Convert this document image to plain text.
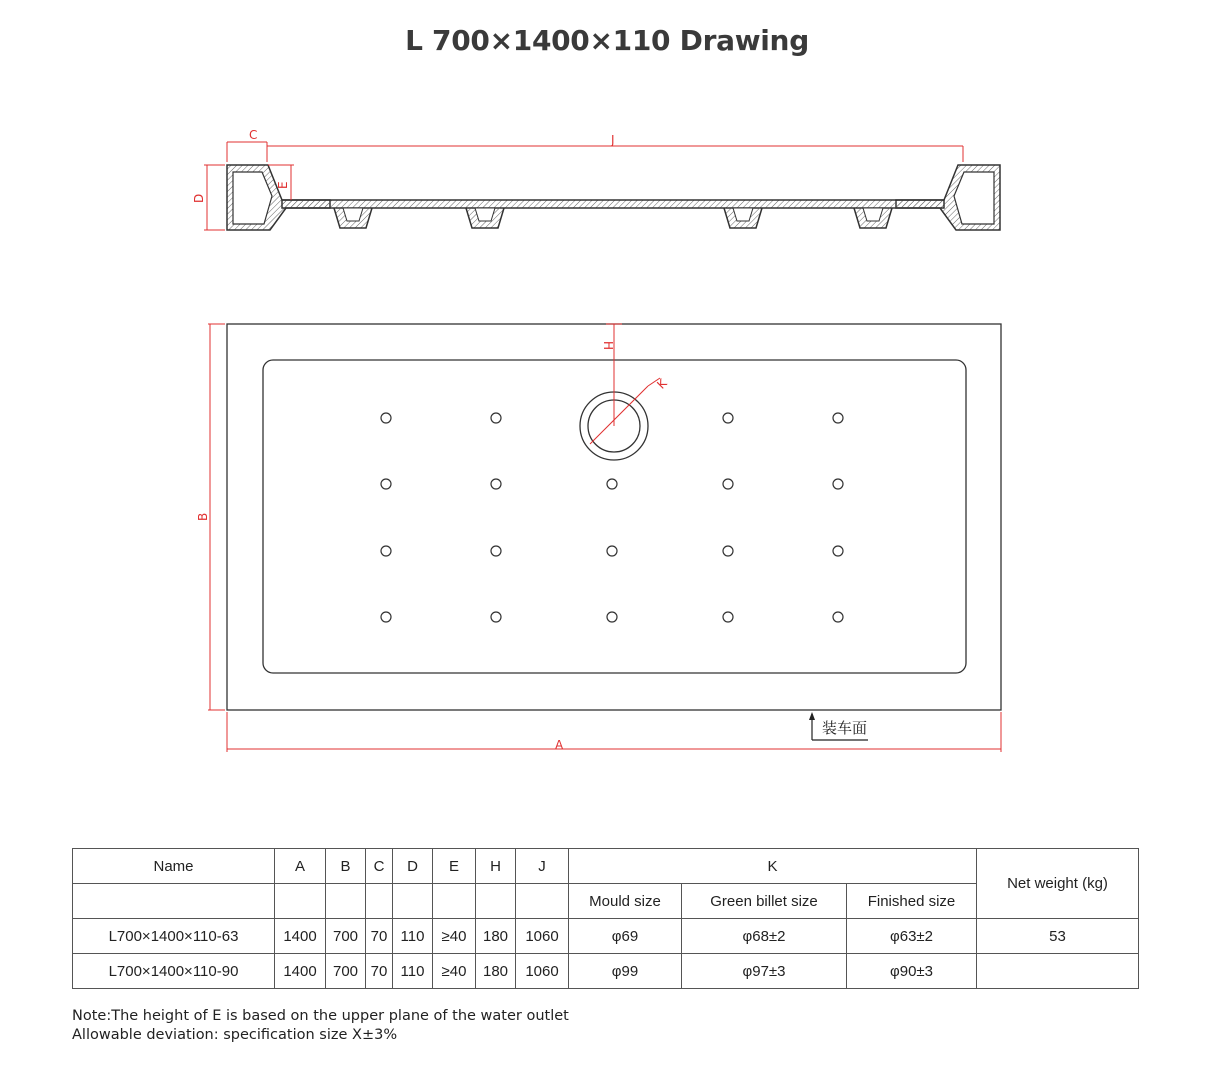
L 700×1400×110 Drawing
C	J
D
E
H
K
B
A
装车面
Name	A	B	C	D	E	H	J	K			Net weight (kg)
								Mould size	Green billet size	Finished size	
L700×1400×110-63	1400	700	70	110	≥40	180	1060	φ69	φ68±2	φ63±2	53
L700×1400×110-90	1400	700	70	110	≥40	180	1060	φ99	φ97±3	φ90±3	
Note:The height of E is based on the upper plane of the water outlet
Allowable deviation: specification size X±3%
